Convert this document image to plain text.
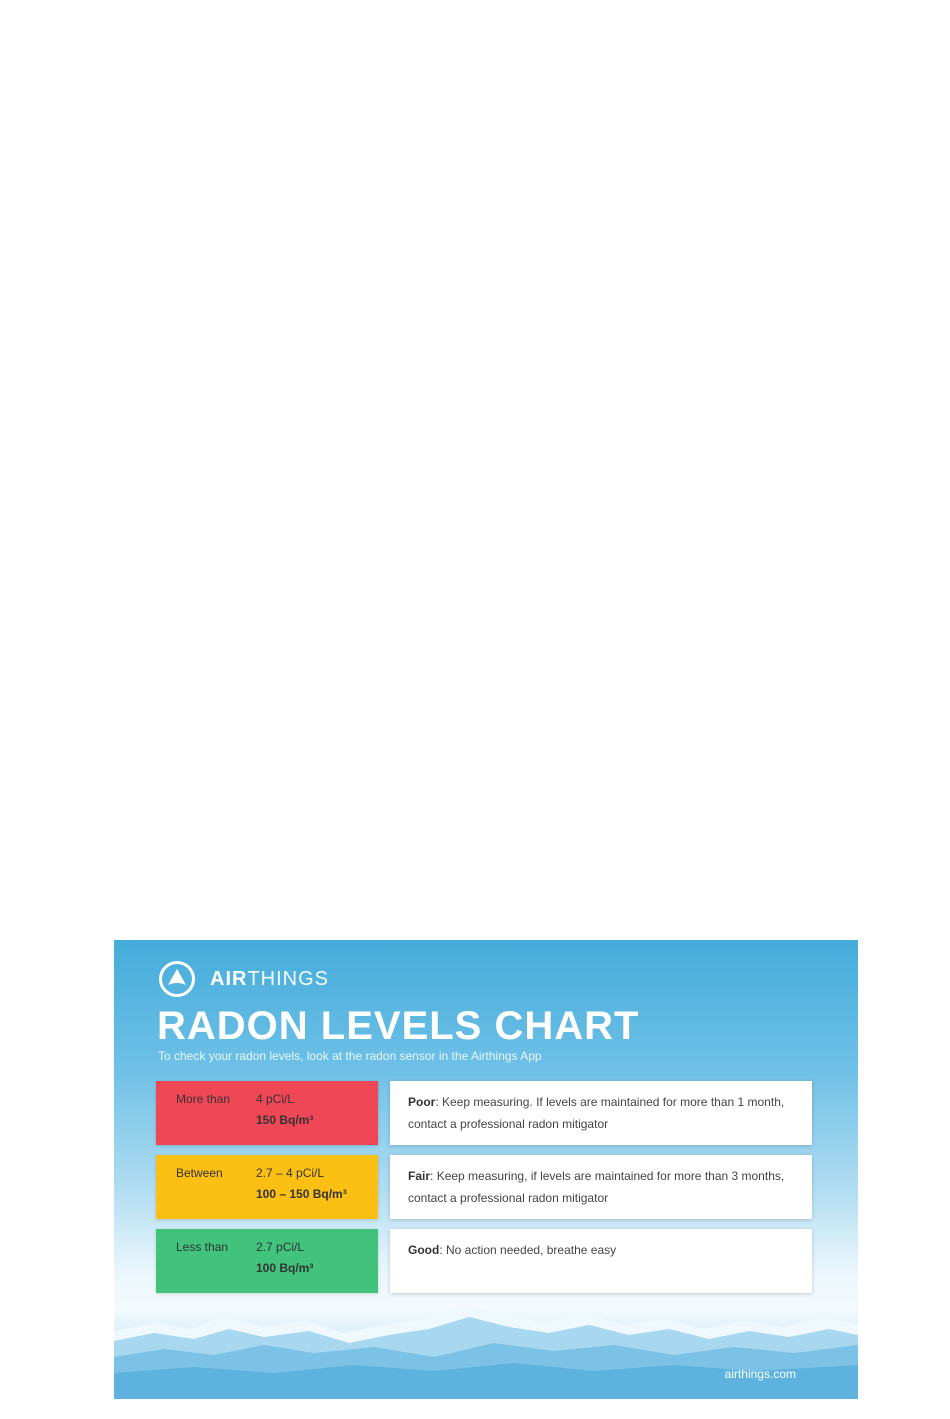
AIRTHINGS
RADON LEVELS CHART
To check your radon levels, look at the radon sensor in the Airthings App
More than 4 pCi/L
150 Bq/m³
Poor: Keep measuring. If levels are maintained for more than 1 month, contact a professional radon mitigator
Between	2.7 – 4 pCi/L
100 – 150 Bq/m³
Fair: Keep measuring, if levels are maintained for more than 3 months, contact a professional radon mitigator
Less than 2.7 pCi/L
100 Bq/m³
Good: No action needed, breathe easy
airthings.com
